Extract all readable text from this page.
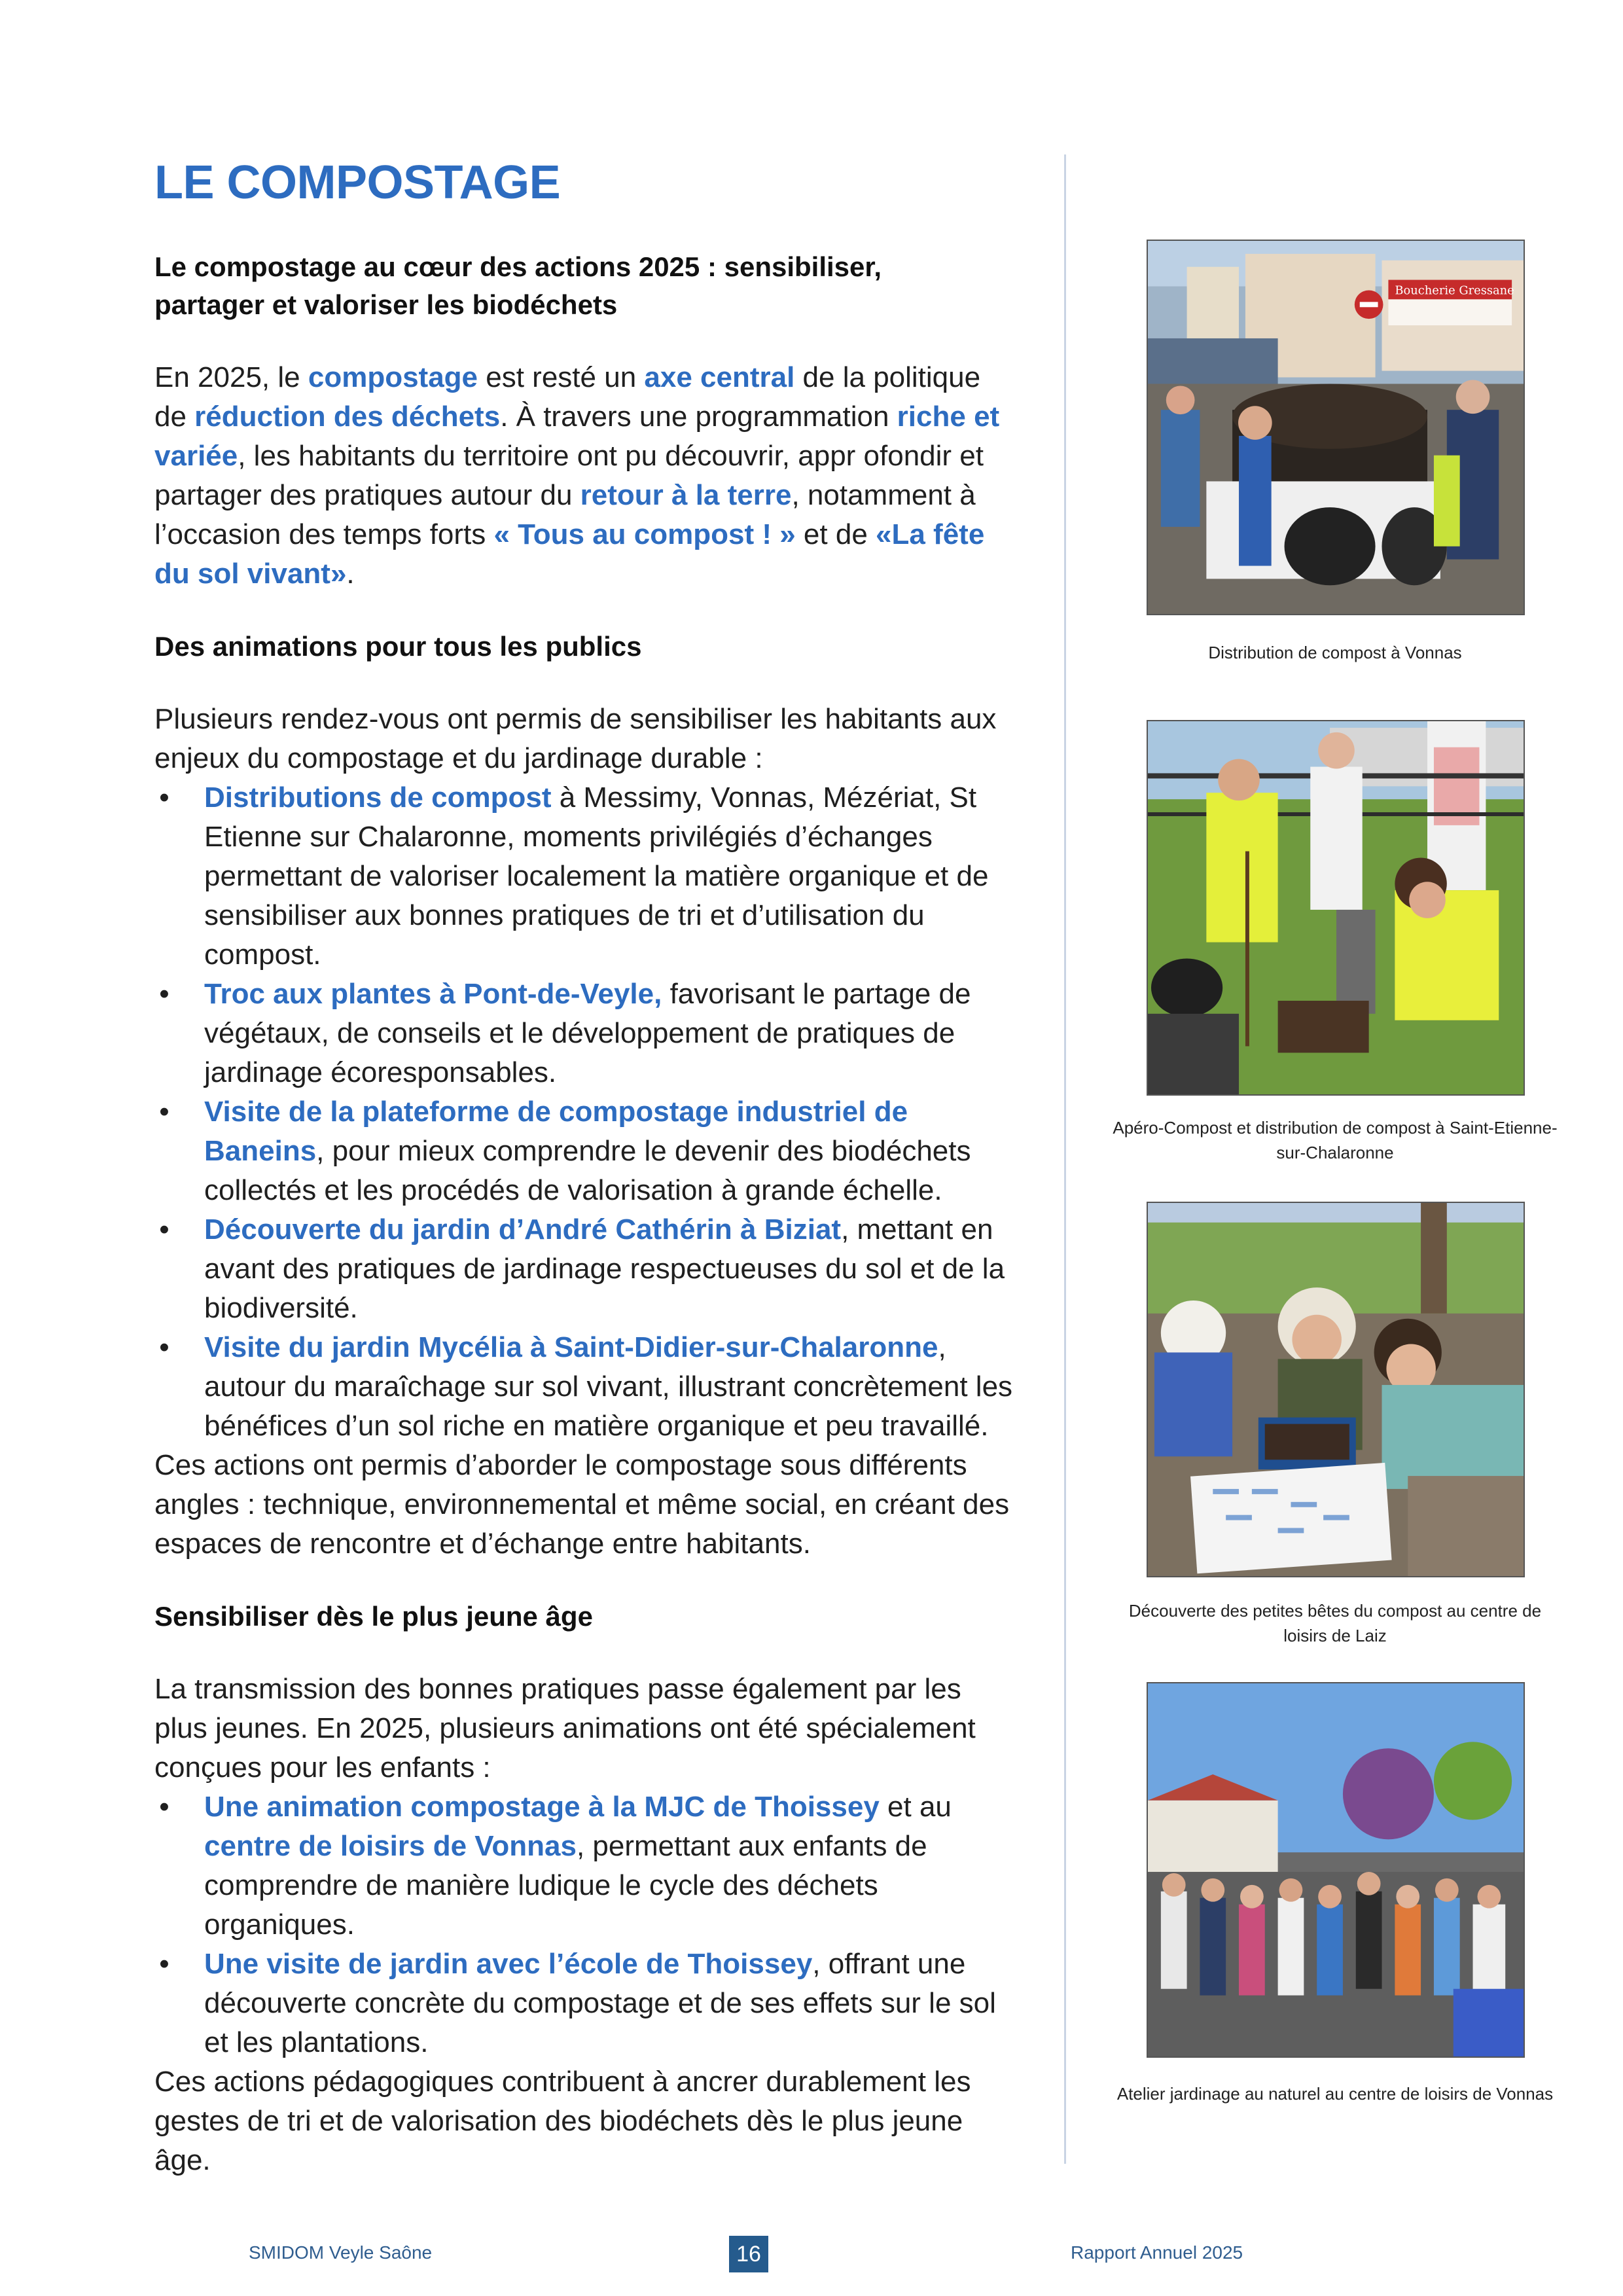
LE COMPOSTAGE

Le compostage au cœur des actions 2025 : sensibiliser, partager et valoriser les biodéchets

En 2025, le compostage est resté un axe central de la politique de réduction des déchets. À travers une programmation riche et variée, les habitants du territoire ont pu découvrir, appr ofondir et partager des pratiques autour du retour à la terre, notamment à l’occasion des temps forts « Tous au compost ! » et de «La fête du sol vivant».

Des animations pour tous les publics

Plusieurs rendez-vous ont permis de sensibiliser les habitants aux enjeux du compostage et du jardinage durable :

• Distributions de compost à Messimy, Vonnas, Mézériat, St Etienne sur Chalaronne, moments privilégiés d’échanges permettant de valoriser localement la matière organique et de sensibiliser aux bonnes pratiques de tri et d’utilisation du compost.
• Troc aux plantes à Pont-de-Veyle, favorisant le partage de végétaux, de conseils et le développement de pratiques de jardinage écoresponsables.
• Visite de la plateforme de compostage industriel de Baneins, pour mieux comprendre le devenir des biodéchets collectés et les procédés de valorisation à grande échelle.
• Découverte du jardin d’André Cathérin à Biziat, mettant en avant des pratiques de jardinage respectueuses du sol et de la biodiversité.
• Visite du jardin Mycélia à Saint-Didier-sur-Chalaronne, autour du maraîchage sur sol vivant, illustrant concrètement les bénéfices d’un sol riche en matière organique et peu travaillé.

Ces actions ont permis d’aborder le compostage sous différents angles : technique, environnemental et même social, en créant des espaces de rencontre et d’échange entre habitants.

Sensibiliser dès le plus jeune âge

La transmission des bonnes pratiques passe également par les plus jeunes. En 2025, plusieurs animations ont été spécialement conçues pour les enfants :

• Une animation compostage à la MJC de Thoissey et au centre de loisirs de Vonnas, permettant aux enfants de comprendre de manière ludique le cycle des déchets organiques.
• Une visite de jardin avec l’école de Thoissey, offrant une découverte concrète du compostage et de ses effets sur le sol et les plantations.

Ces actions pédagogiques contribuent à ancrer durablement les gestes de tri et de valorisation des biodéchets dès le plus jeune âge.

Boucherie Gressane
Distribution de compost à Vonnas
Apéro-Compost et distribution de compost à Saint-Etienne-sur-Chalaronne
Découverte des petites bêtes du compost au centre de loisirs de Laiz
Atelier jardinage au naturel au centre de loisirs de Vonnas
SMIDOM Veyle Saône	16	Rapport Annuel 2025
